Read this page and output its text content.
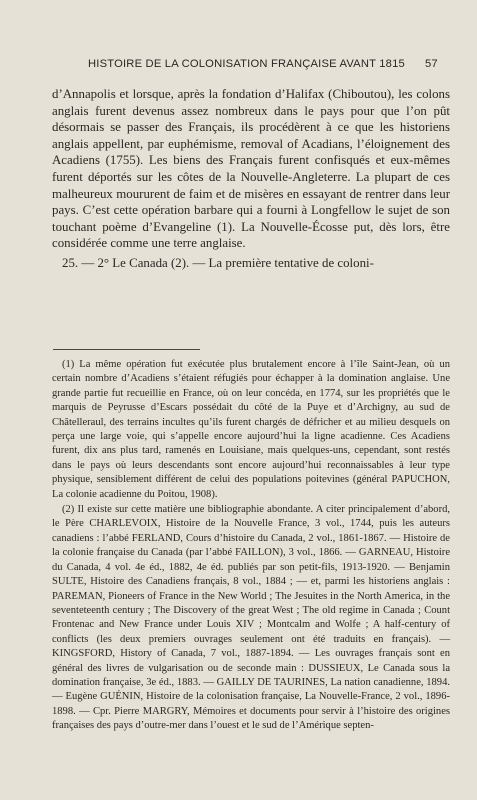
HISTOIRE DE LA COLONISATION FRANÇAISE AVANT 1815 57

d’Annapolis et lorsque, après la fondation d’Halifax (Chiboutou), les colons anglais furent devenus assez nombreux dans le pays pour que l’on pût désormais se passer des Français, ils procédèrent à ce que les historiens anglais appellent, par euphémisme, removal of Acadians, l’éloignement des Acadiens (1755). Les biens des Français furent confisqués et eux-mêmes furent déportés sur les côtes de la Nouvelle-Angleterre. La plupart de ces malheureux moururent de faim et de misères en essayant de rentrer dans leur pays. C’est cette opération barbare qui a fourni à Longfellow le sujet de son touchant poème d’Evangeline (1). La Nouvelle-Écosse put, dès lors, être considérée comme une terre anglaise.

25. — 2° Le Canada (2). — La première tentative de coloni-

(1) La même opération fut exécutée plus brutalement encore à l’île Saint-Jean, où un certain nombre d’Acadiens s’étaient réfugiés pour échapper à la domination anglaise. Une grande partie fut recueillie en France, où on leur concéda, en 1774, sur les propriétés que le marquis de Peyrusse d’Escars possédait du côté de la Puye et d’Archigny, au sud de Châtelleraul, des terrains incultes qu’ils furent chargés de défricher et au milieu desquels on perça une large voie, qui s’appelle encore aujourd’hui la ligne acadienne. Ces Acadiens furent, dix ans plus tard, ramenés en Louisiane, mais quelques-uns, cependant, sont restés dans le pays où leurs descendants sont encore aujourd’hui reconnaissables à leur type physique, sensiblement différent de celui des populations poitevines (général PAPUCHON, La colonie acadienne du Poitou, 1908).

(2) Il existe sur cette matière une bibliographie abondante. A citer principalement d’abord, le Père CHARLEVOIX, Histoire de la Nouvelle France, 3 vol., 1744, puis les auteurs canadiens : l’abbé FERLAND, Cours d’histoire du Canada, 2 vol., 1861-1867. — Histoire de la colonie française du Canada (par l’abbé FAILLON), 3 vol., 1866. — GARNEAU, Histoire du Canada, 4 vol. 4e éd., 1882, 4e éd. publiés par son petit-fils, 1913-1920. — Benjamin SULTE, Histoire des Canadiens français, 8 vol., 1884 ; — et, parmi les historiens anglais : PAREMAN, Pioneers of France in the New World ; The Jesuites in the North America, in the seventeteenth century ; The Discovery of the great West ; The old regime in Canada ; Count Frontenac and New France under Louis XIV ; Montcalm and Wolfe ; A half-century of conflicts (les deux premiers ouvrages seulement ont été traduits en français). — KINGSFORD, History of Canada, 7 vol., 1887-1894. — Les ouvrages français sont en général des livres de vulgarisation ou de seconde main : DUSSIEUX, Le Canada sous la domination française, 3e éd., 1883. — GAILLY DE TAURINES, La nation canadienne, 1894. — Eugène GUÉNIN, Histoire de la colonisation française, La Nouvelle-France, 2 vol., 1896-1898. — Cpr. Pierre MARGRY, Mémoires et documents pour servir à l’histoire des origines françaises des pays d’outre-mer dans l’ouest et le sud de l’Amérique septen-
